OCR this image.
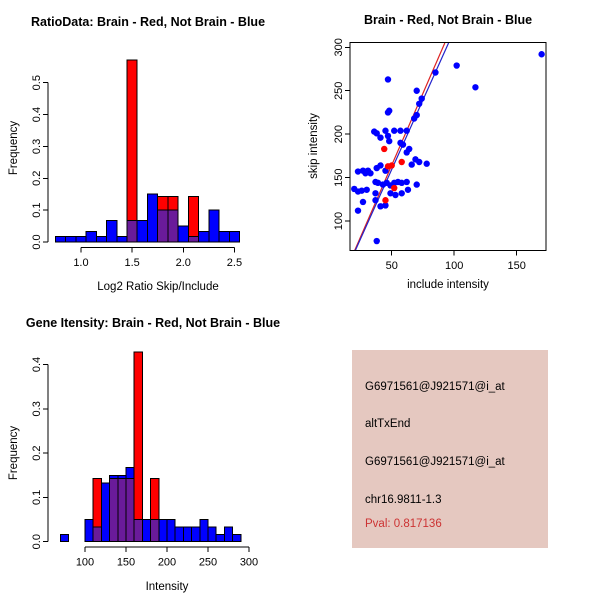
1.0	1.5	2.0	2.5
0.0
0.1
0.2
0.3
0.4
0.5
RatioData: Brain - Red, Not Brain - Blue
Log2 Ratio Skip/Include
Frequency
50	100	150
100
150
200
250
300
Brain - Red, Not Brain - Blue
include intensity
skip intensity
100 150 200 250 300
0.0
0.1
0.2
0.3
0.4
Gene Itensity: Brain - Red, Not Brain - Blue
Intensity
Frequency
G6971561@J921571@i_at
altTxEnd
G6971561@J921571@i_at
chr16.9811-1.3
Pval: 0.817136
